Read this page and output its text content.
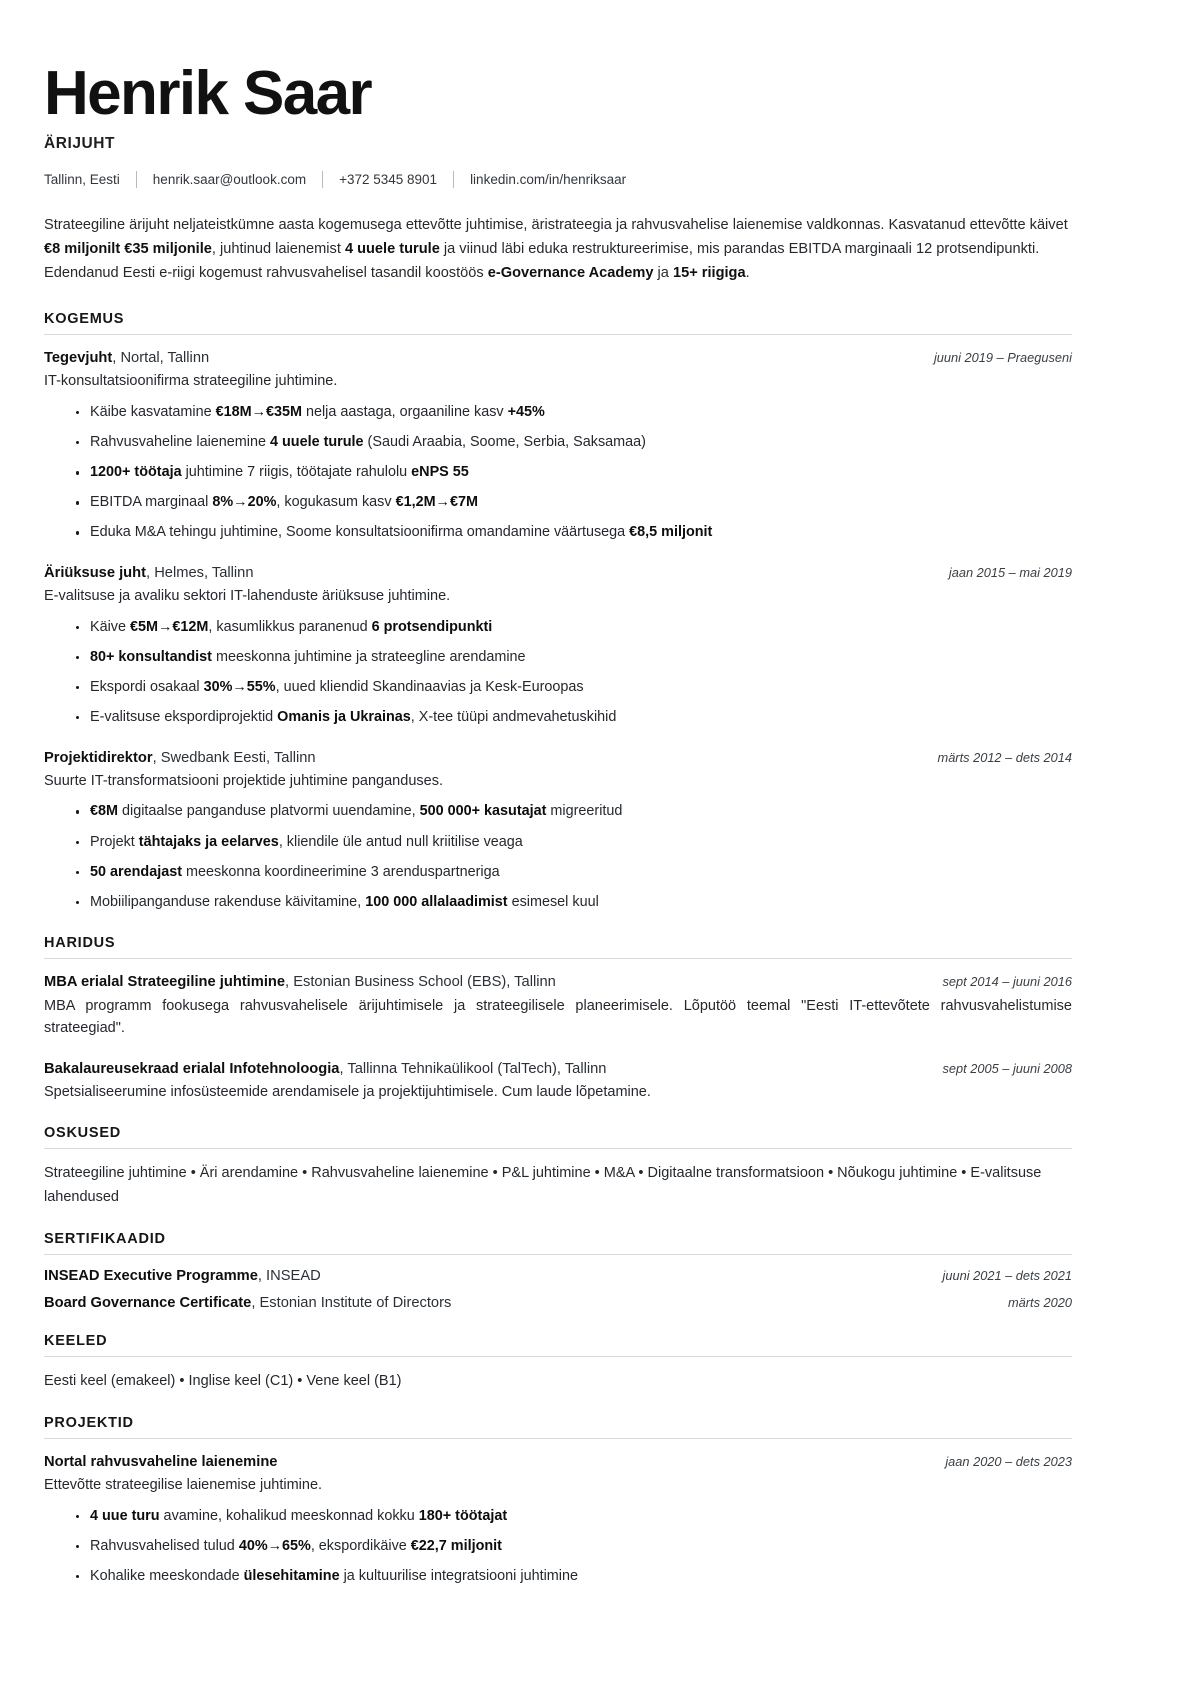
Henrik Saar
ÄRIJUHT
Tallinn, Eesti henrik.saar@outlook.com +372 5345 8901 linkedin.com/in/henriksaar

Strateegiline ärijuht neljateistkümne aasta kogemusega ettevõtte juhtimise, äristrateegia ja rahvusvahelise laienemise valdkonnas. Kasvatanud ettevõtte käivet €8 miljonilt €35 miljonile, juhtinud laienemist 4 uuele turule ja viinud läbi eduka restruktureerimise, mis parandas EBITDA marginaali 12 protsendipunkti. Edendanud Eesti e-riigi kogemust rahvusvahelisel tasandil koostöös e-Governance Academy ja 15+ riigiga.

KOGEMUS
Tegevjuht, Nortal, Tallinn	juuni 2019 – Praeguseni

IT-konsultatsioonifirma strateegiline juhtimine.

Käibe kasvatamine €18M→€35M nelja aastaga, orgaaniline kasv +45%
Rahvusvaheline laienemine 4 uuele turule (Saudi Araabia, Soome, Serbia, Saksamaa)
1200+ töötaja juhtimine 7 riigis, töötajate rahulolu eNPS 55
EBITDA marginaal 8%→20%, kogukasum kasv €1,2M→€7M
Eduka M&A tehingu juhtimine, Soome konsultatsioonifirma omandamine väärtusega €8,5 miljonit
Äriüksuse juht, Helmes, Tallinn	jaan 2015 – mai 2019

E-valitsuse ja avaliku sektori IT-lahenduste äriüksuse juhtimine.

Käive €5M→€12M, kasumlikkus paranenud 6 protsendipunkti
80+ konsultandist meeskonna juhtimine ja strateegline arendamine
Ekspordi osakaal 30%→55%, uued kliendid Skandinaavias ja Kesk-Euroopas
E-valitsuse ekspordiprojektid Omanis ja Ukrainas, X-tee tüüpi andmevahetuskihid
Projektidirektor, Swedbank Eesti, Tallinn	märts 2012 – dets 2014

Suurte IT-transformatsiooni projektide juhtimine panganduses.

€8M digitaalse panganduse platvormi uuendamine, 500 000+ kasutajat migreeritud
Projekt tähtajaks ja eelarves, kliendile üle antud null kriitilise veaga
50 arendajast meeskonna koordineerimine 3 arenduspartneriga
Mobiilipanganduse rakenduse käivitamine, 100 000 allalaadimist esimesel kuul
HARIDUS
MBA erialal Strateegiline juhtimine, Estonian Business School (EBS), Tallinn	sept 2014 – juuni 2016

MBA programm fookusega rahvusvahelisele ärijuhtimisele ja strateegilisele planeerimisele. Lõputöö teemal "Eesti IT-ettevõtete rahvusvahelistumise strateegiad".

Bakalaureusekraad erialal Infotehnoloogia, Tallinna Tehnikaülikool (TalTech), Tallinn	sept 2005 – juuni 2008

Spetsialiseerumine infosüsteemide arendamisele ja projektijuhtimisele. Cum laude lõpetamine.

OSKUSED
Strateegiline juhtimine • Äri arendamine • Rahvusvaheline laienemine • P&L juhtimine • M&A • Digitaalne transformatsioon • Nõukogu juhtimine • E-valitsuse lahendused
SERTIFIKAADID
INSEAD Executive Programme, INSEAD	juuni 2021 – dets 2021
Board Governance Certificate, Estonian Institute of Directors	märts 2020
KEELED
Eesti keel (emakeel) • Inglise keel (C1) • Vene keel (B1)
PROJEKTID
Nortal rahvusvaheline laienemine	jaan 2020 – dets 2023

Ettevõtte strateegilise laienemise juhtimine.

4 uue turu avamine, kohalikud meeskonnad kokku 180+ töötajat
Rahvusvahelised tulud 40%→65%, ekspordikäive €22,7 miljonit
Kohalike meeskondade ülesehitamine ja kultuurilise integratsiooni juhtimine
